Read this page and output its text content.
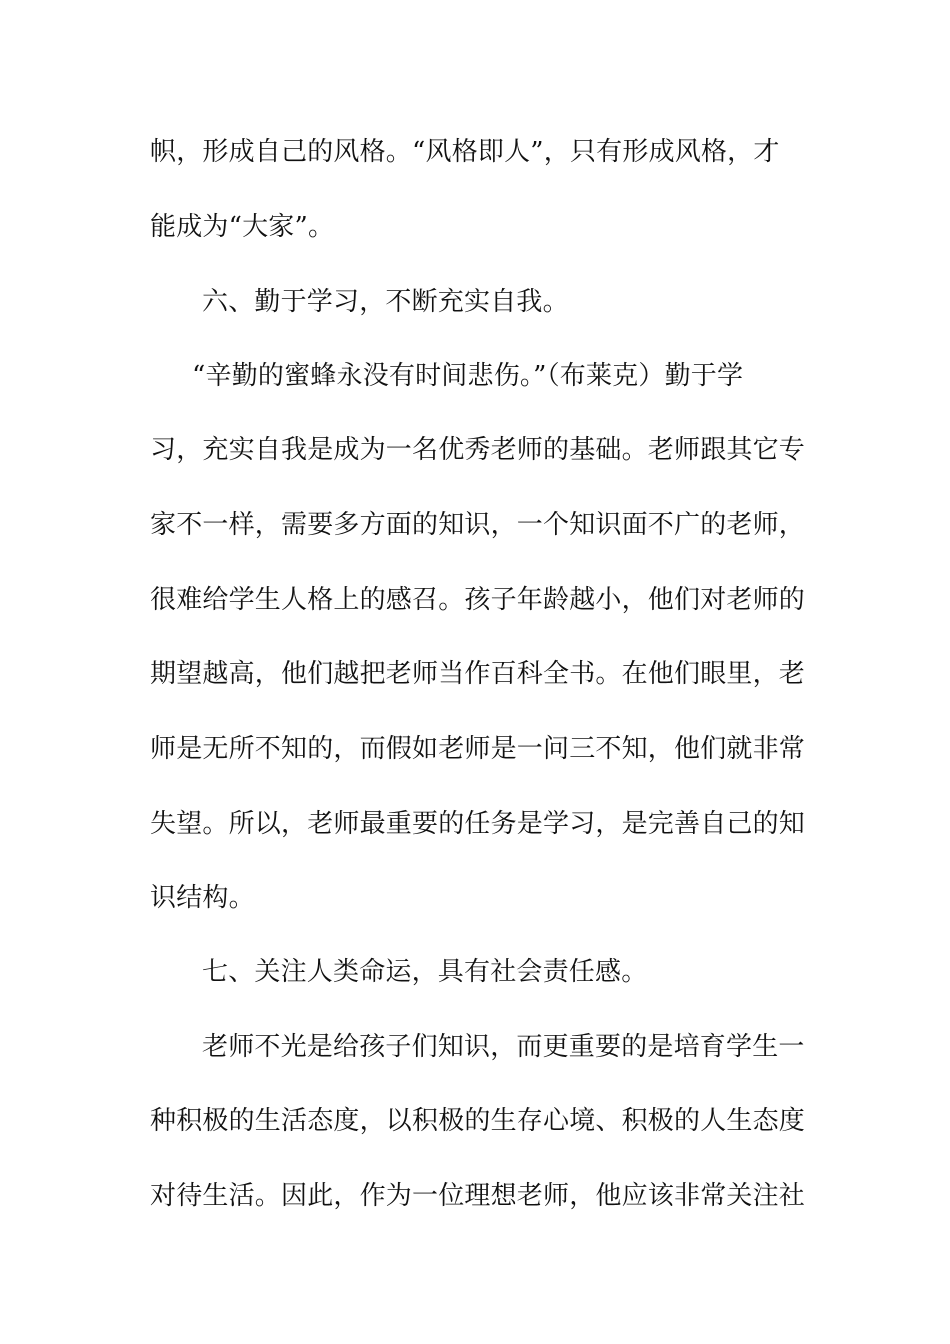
帜，形成自己的风格。“风格即人”，只有形成风格，才
能成为“大家”。
六、勤于学习，不断充实自我。
“辛勤的蜜蜂永没有时间悲伤。”（布莱克）勤于学
习，充实自我是成为一名优秀老师的基础。老师跟其它专
家不一样，需要多方面的知识，一个知识面不广的老师，
很难给学生人格上的感召。孩子年龄越小，他们对老师的
期望越高，他们越把老师当作百科全书。在他们眼里，老
师是无所不知的，而假如老师是一问三不知，他们就非常
失望。所以，老师最重要的任务是学习，是完善自己的知
识结构。
七、关注人类命运，具有社会责任感。
老师不光是给孩子们知识，而更重要的是培育学生一
种积极的生活态度，以积极的生存心境、积极的人生态度
对待生活。因此，作为一位理想老师，他应该非常关注社
